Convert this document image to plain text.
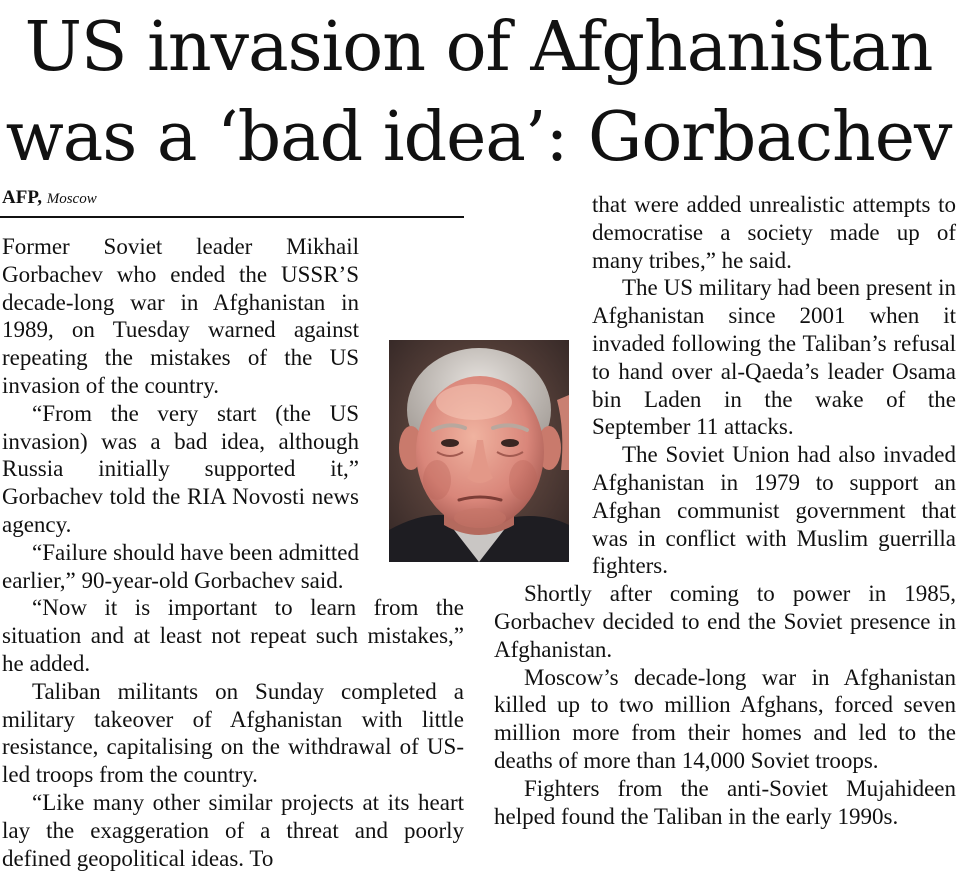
US invasion of Afghanistan
was a ‘bad idea’: Gorbachev
AFP, Moscow

Former Soviet leader Mikhail Gorbachev who ended the USSR’S decade-long war in Afghanistan in 1989, on Tuesday warned against repeating the mistakes of the US invasion of the country.

“From the very start (the US invasion) was a bad idea, although Russia initially supported it,” Gorbachev told the RIA Novosti news agency.

“Failure should have been admitted earlier,” 90-year-old Gorbachev said.

“Now it is important to learn from the situation and at least not repeat such mistakes,” he added.

Taliban militants on Sunday completed a military takeover of Afghanistan with little resistance, capitalising on the withdrawal of US-led troops from the country.

“Like many other similar projects at its heart lay the exaggeration of a threat and poorly defined geopolitical ideas. To

that were added unrealistic attempts to democratise a society made up of many tribes,” he said.

The US military had been present in Afghanistan since 2001 when it invaded following the Taliban’s refusal to hand over al-Qaeda’s leader Osama bin Laden in the wake of the September 11 attacks.

The Soviet Union had also invaded Afghanistan in 1979 to support an Afghan communist government that was in conflict with Muslim guerrilla fighters.

Shortly after coming to power in 1985, Gorbachev decided to end the Soviet presence in Afghanistan.

Moscow’s decade-long war in Afghanistan killed up to two million Afghans, forced seven million more from their homes and led to the deaths of more than 14,000 Soviet troops.

Fighters from the anti-Soviet Mujahideen helped found the Taliban in the early 1990s.
